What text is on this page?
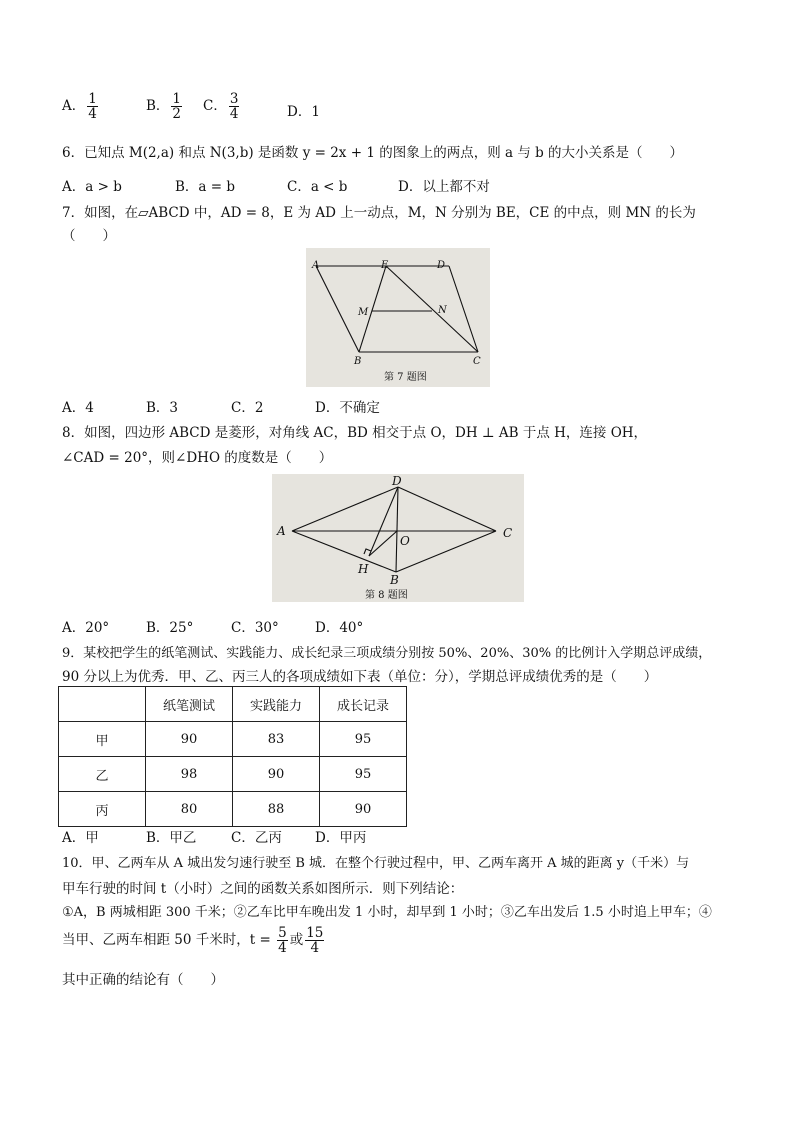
A． $\frac{1}{4}$	B． $\frac{1}{2}$ C． $\frac{3}{4}$	D．1
6．已知点 M(2,a) 和点 N(3,b) 是函数 y = 2x + 1 的图象上的两点，则 a 与 b 的大小关系是（　　）
A．a > b	B．a = b	C．a < b	D．以上都不对
7．如图，在▱ABCD 中，AD = 8，E 为 AD 上一动点，M，N 分别为 BE，CE 的中点，则 MN 的长为
（　　）
A	E	D
M	N
B	C
第 7 题图
A．4	B．3	C．2	D．不确定
8．如图，四边形 ABCD 是菱形，对角线 AC，BD 相交于点 O，DH ⊥ AB 于点 H，连接 OH，
∠CAD = 20°，则∠DHO 的度数是（　　）
D
A
O
C
H
B
第 8 题图
A．20°	B．25°	C．30°	D．40°
9．某校把学生的纸笔测试、实践能力、成长纪录三项成绩分别按 50%、20%、30% 的比例计入学期总评成绩，
90 分以上为优秀．甲、乙、丙三人的各项成绩如下表（单位：分），学期总评成绩优秀的是（　　）
	纸笔测试	实践能力	成长记录
甲	90	83	95
乙	98	90	95
丙	80	88	90
A．甲	B．甲乙	C．乙丙 D．甲丙
10．甲、乙两车从 A 城出发匀速行驶至 B 城．在整个行驶过程中，甲、乙两车离开 A 城的距离 y（千米）与
甲车行驶的时间 t（小时）之间的函数关系如图所示．则下列结论：
①A，B 两城相距 300 千米；②乙车比甲车晚出发 1 小时，却早到 1 小时；③乙车出发后 1.5 小时追上甲车；④
当甲、乙两车相距 50 千米时，$t = \frac{5}{4}$ 或 $\frac{15}{4}$
其中正确的结论有（　　）
